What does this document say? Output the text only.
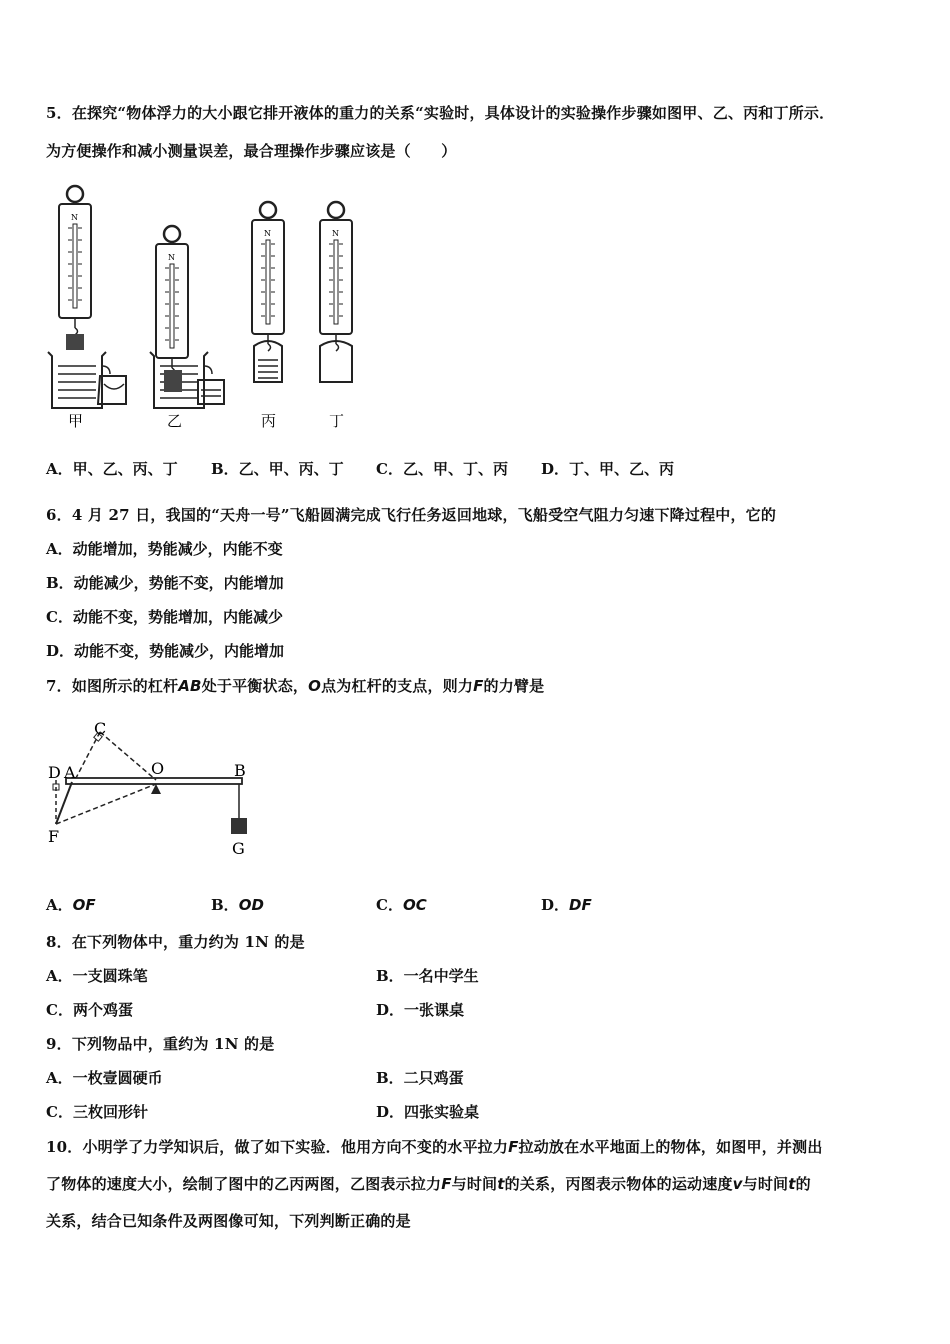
5．在探究“物体浮力的大小跟它排开液体的重力的关系“实验时，具体设计的实验操作步骤如图甲、乙、丙和丁所示．
为方便操作和减小测量误差，最合理操作步骤应该是（　　）
N
N
N	N
甲	乙	丙	丁
A．甲、乙、丙、丁 B．乙、甲、丙、丁 C．乙、甲、丁、丙 D．丁、甲、乙、丙
6．4 月 27 日，我国的“天舟一号”飞船圆满完成飞行任务返回地球，飞船受空气阻力匀速下降过程中，它的
A．动能增加，势能减少，内能不变
B．动能减少，势能不变，内能增加
C．动能不变，势能增加，内能减少
D．动能不变，势能减少，内能增加
7．如图所示的杠杆AB处于平衡状态，O点为杠杆的支点，则力F的力臂是
D A
C
O	B
F
G
A．OF	B．OD	C．OC	D．DF
8．在下列物体中，重力约为 1N 的是
A．一支圆珠笔	B．一名中学生
C．两个鸡蛋	D．一张课桌
9．下列物品中，重约为 1N 的是
A．一枚壹圆硬币	B．二只鸡蛋
C．三枚回形针	D．四张实验桌
10．小明学了力学知识后，做了如下实验．他用方向不变的水平拉力F拉动放在水平地面上的物体，如图甲，并测出
了物体的速度大小，绘制了图中的乙丙两图，乙图表示拉力F与时间t的关系，丙图表示物体的运动速度v与时间t的
关系，结合已知条件及两图像可知，下列判断正确的是
